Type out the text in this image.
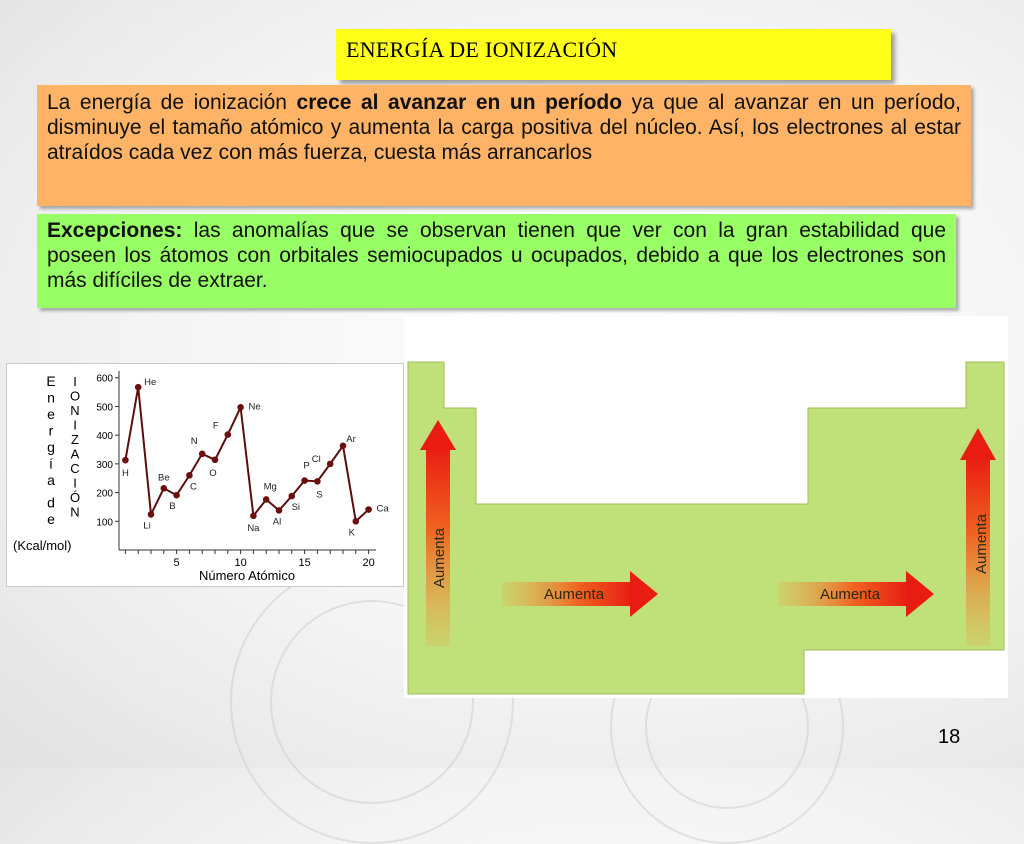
ENERGÍA DE IONIZACIÓN
La energía de ionización crece al avanzar en un período ya que al avanzar en un período, disminuye el tamaño atómico y aumenta la carga positiva del núcleo. Así, los electrones al estar atraídos cada vez con más fuerza, cuesta más arrancarlos
Excepciones: las anomalías que se observan tienen que ver con la gran estabilidad que poseen los átomos con orbitales semiocupados u ocupados, debido a que los electrones son más difíciles de extraer.
E
n
e
r
g
í
a
d
e
I
O
N
I
Z
A
C
I
Ó
N
(Kcal/mol)
100
200
300
400
500
600
5	10	15	20
H
He
Li
Be
B
C
N
O
F
Ne
Na
Mg
Al
Si
P
S
Cl
Ar
K
Ca
Número Atómico	Aumenta	Aumenta
Aumenta	Aumenta
18
